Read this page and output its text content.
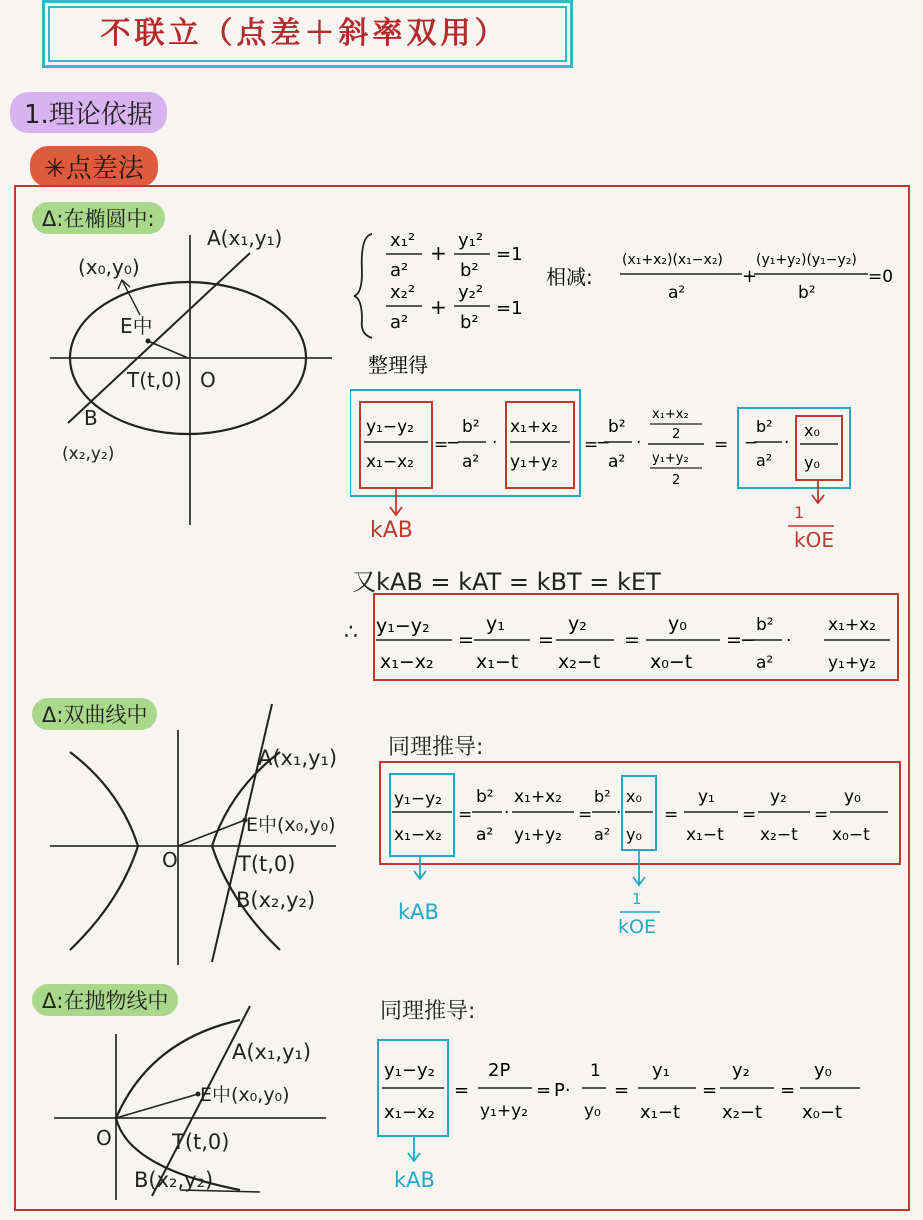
不联立（点差＋斜率双用）
1.理论依据
✳点差法
Δ:在椭圆中:
Δ:双曲线中
Δ:在抛物线中
A(x₁,y₁)
(x₀,y₀)
E中
T(t,0) O
B
(x₂,y₂)
x₁²
a²
+
y₁²
b²
=1
x₂²
a²
+
y₂²
b²
=1
相减:
(x₁+x₂)(x₁−x₂)
a²
+
(y₁+y₂)(y₁−y₂)
b²
=0
整理得
y₁−y₂
x₁−x₂
=
−
b²
a²
·
x₁+x₂
y₁+y₂
=
−
b²
a²
·
x₁+x₂
2
y₁+y₂
2
= −
b²
a²
·
x₀
y₀
1
y₁−y₂
x₁−x₂
=
y₁
x₁−t
=
y₂
x₂−t
=
y₀
x₀−t
=
−
b²
a²
·
x₁+x₂
y₁+y₂
kAB	kOE
又kAB = kAT = kBT = kET
∴
A(x₁,y₁)
E中(x₀,y₀)
T(t,0)
B(x₂,y₂)
O
同理推导:
y₁−y₂
x₁−x₂
=
b²
a²
·
x₁+x₂
y₁+y₂
=
b²
a²
·
x₀
y₀
=
y₁
x₁−t
=
y₂
x₂−t
=
y₀
x₀−t
1
kAB
kOE
A(x₁,y₁)
E中(x₀,y₀)
T(t,0)
B(x₂,y₂)
O
同理推导:
y₁−y₂
x₁−x₂
=
2P
y₁+y₂
= P·
1
y₀
=
y₁
x₁−t
=
y₂
x₂−t
=
y₀
x₀−t
kAB
